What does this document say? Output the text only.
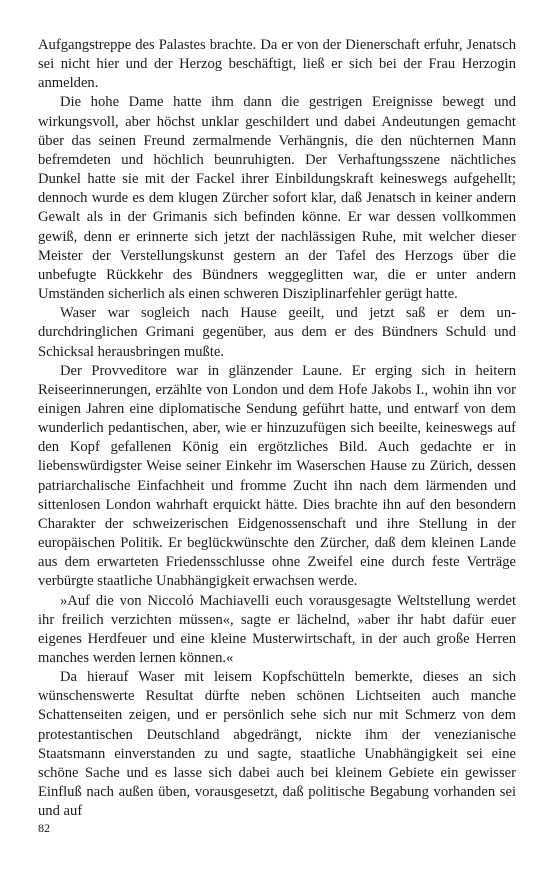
Aufgangstreppe des Palastes brachte. Da er von der Dienerschaft erfuhr, Jenatsch sei nicht hier und der Herzog beschäftigt, ließ er sich bei der Frau Herzogin anmelden.

Die hohe Dame hatte ihm dann die gestrigen Ereignisse bewegt und wirkungsvoll, aber höchst unklar geschildert und dabei Andeutungen gemacht über das seinen Freund zermalmende Verhängnis, die den nüchternen Mann befremdeten und höchlich beunruhigten. Der Verhaftungsszene nächtliches Dunkel hatte sie mit der Fackel ihrer Einbildungskraft keineswegs aufgehellt; dennoch wurde es dem klugen Zürcher sofort klar, daß Jenatsch in keiner andern Gewalt als in der Grimanis sich befinden könne. Er war dessen vollkommen gewiß, denn er erinnerte sich jetzt der nachlässigen Ruhe, mit welcher dieser Meister der Verstellungskunst gestern an der Tafel des Herzogs über die unbefugte Rückkehr des Bündners weggeglitten war, die er unter andern Umständen sicherlich als einen schweren Disziplinarfehler gerügt hatte.

Waser war sogleich nach Hause geeilt, und jetzt saß er dem undurchdringlichen Grimani gegenüber, aus dem er des Bündners Schuld und Schicksal herausbringen mußte.

Der Provveditore war in glänzender Laune. Er erging sich in heitern Reiseerinnerungen, erzählte von London und dem Hofe Jakobs I., wohin ihn vor einigen Jahren eine diplomatische Sendung geführt hatte, und entwarf von dem wunderlich pedantischen, aber, wie er hinzuzufügen sich beeilte, keineswegs auf den Kopf gefallenen König ein ergötzliches Bild. Auch gedachte er in liebenswürdigster Weise seiner Einkehr im Waserschen Hause zu Zürich, dessen patriarchalische Einfachheit und fromme Zucht ihn nach dem lärmenden und sittenlosen London wahrhaft erquickt hätte. Dies brachte ihn auf den besondern Charakter der schweizerischen Eidgenossenschaft und ihre Stellung in der europäischen Politik. Er beglückwünschte den Zürcher, daß dem kleinen Lande aus dem erwarteten Friedensschlusse ohne Zweifel eine durch feste Verträge verbürgte staatliche Unabhängigkeit erwachsen werde.

»Auf die von Niccoló Machiavelli euch vorausgesagte Weltstellung werdet ihr freilich verzichten müssen«, sagte er lächelnd, »aber ihr habt dafür euer eigenes Herdfeuer und eine kleine Musterwirtschaft, in der auch große Herren manches werden lernen können.«

Da hierauf Waser mit leisem Kopfschütteln bemerkte, dieses an sich wünschenswerte Resultat dürfte neben schönen Lichtseiten auch manche Schattenseiten zeigen, und er persönlich sehe sich nur mit Schmerz von dem protestantischen Deutschland abgedrängt, nickte ihm der venezianische Staatsmann einverstanden zu und sagte, staatliche Unabhängigkeit sei eine schöne Sache und es lasse sich dabei auch bei kleinem Gebiete ein gewisser Einfluß nach außen üben, vorausgesetzt, daß politische Begabung vorhanden sei und auf

82
